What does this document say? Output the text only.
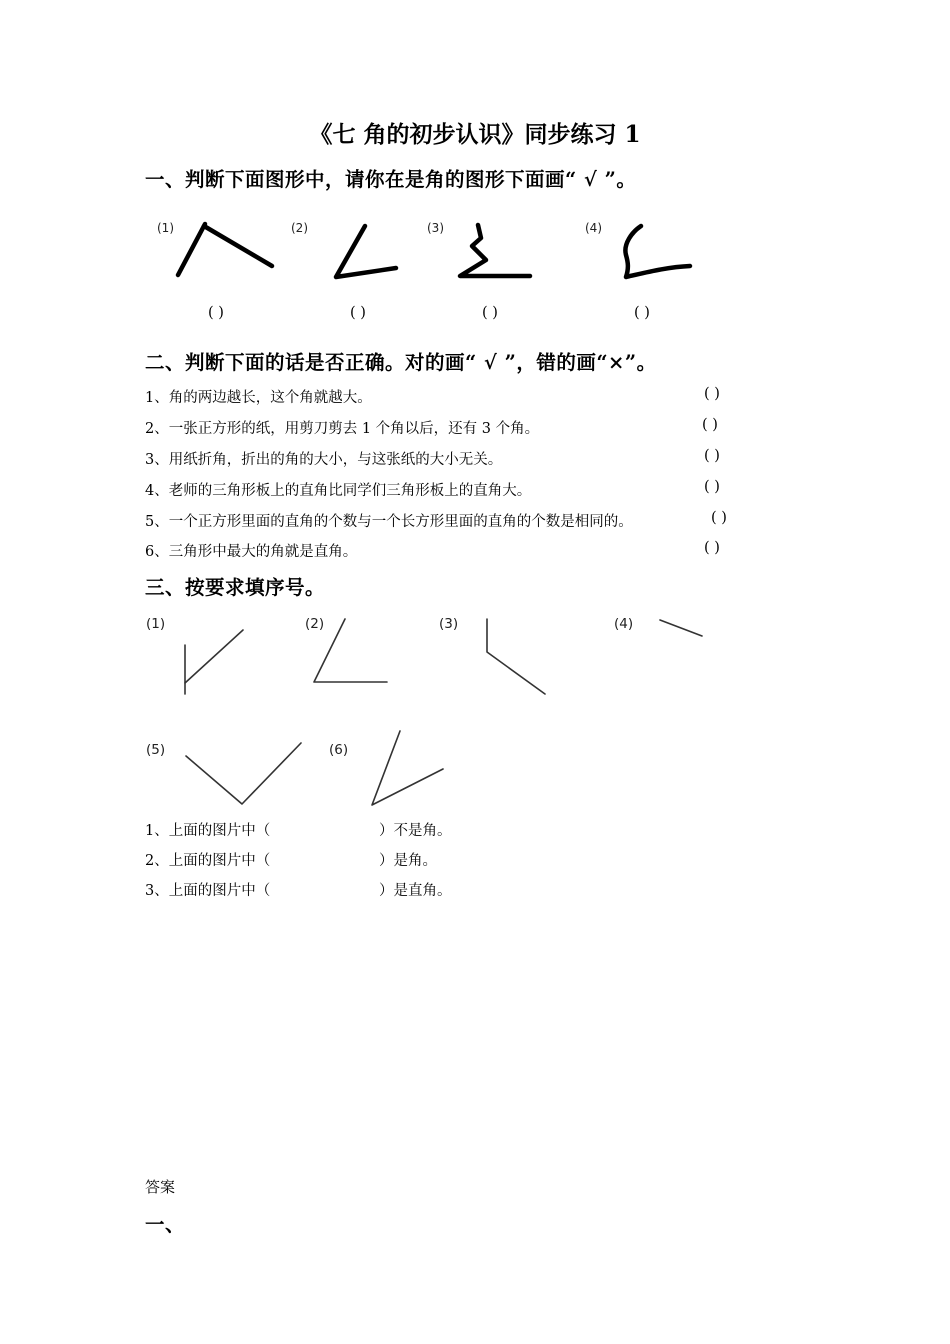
《七 角的初步认识》同步练习 1
一、判断下面图形中，请你在是角的图形下面画“ √ ”。
(1)	(2)	(3)	(4)
( )	( )	( )	( )
二、判断下面的话是否正确。对的画“ √ ”，错的画“×”。
1、角的两边越长，这个角就越大。	( )
2、一张正方形的纸，用剪刀剪去 1 个角以后，还有 3 个角。	( )
3、用纸折角，折出的角的大小，与这张纸的大小无关。	( )
4、老师的三角形板上的直角比同学们三角形板上的直角大。	( )
5、一个正方形里面的直角的个数与一个长方形里面的直角的个数是相同的。	( )
6、三角形中最大的角就是直角。	( )
三、按要求填序号。
(1)	(2)	(3)	(4)
(5)	(6)
1、上面的图片中（	）不是角。
2、上面的图片中（	）是角。
3、上面的图片中（	）是直角。
答案
一、
